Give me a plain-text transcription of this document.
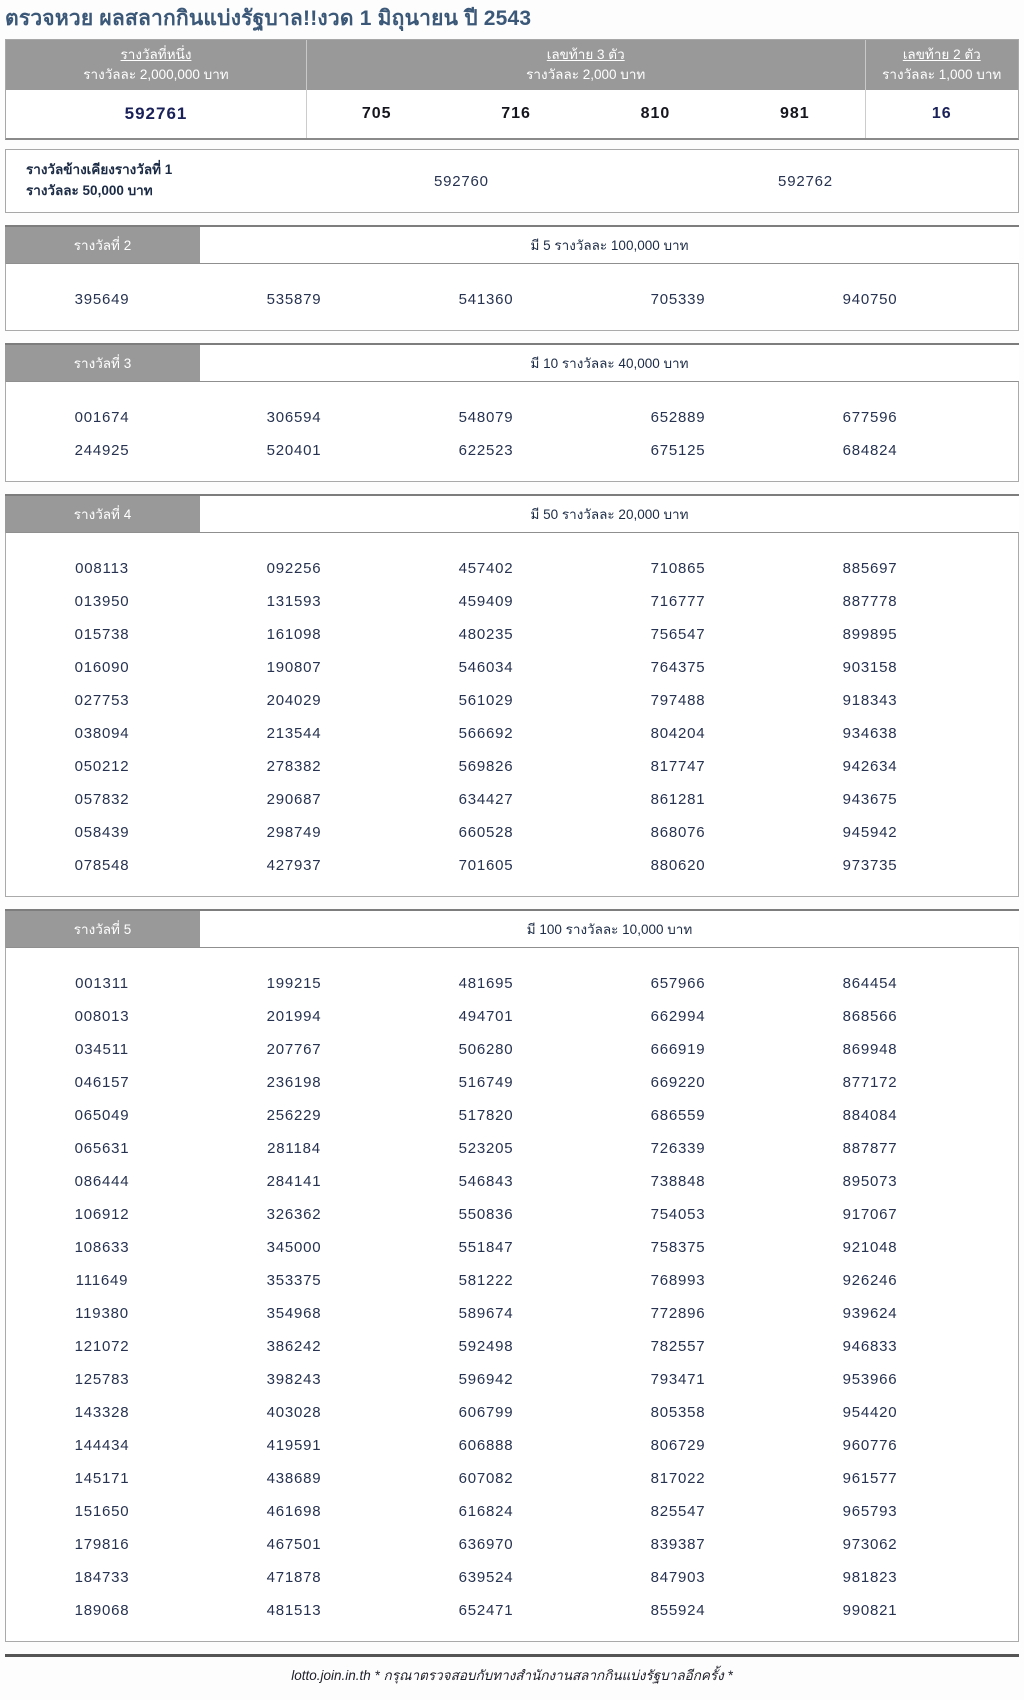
ตรวจหวย ผลสลากกินแบ่งรัฐบาล!!งวด 1 มิถุนายน ปี 2543
รางวัลที่หนึ่ง
รางวัลละ 2,000,000 บาท
เลขท้าย 3 ตัว
รางวัลละ 2,000 บาท
เลขท้าย 2 ตัว
รางวัลละ 1,000 บาท
592761	705	716	810	981	16
รางวัลข้างเคียงรางวัลที่ 1
รางวัลละ 50,000 บาท
592760	592762
รางวัลที่ 2	มี 5 รางวัลละ 100,000 บาท
395649	535879	541360	705339	940750
รางวัลที่ 3	มี 10 รางวัลละ 40,000 บาท
001674	306594	548079	652889	677596
244925	520401	622523	675125	684824
รางวัลที่ 4	มี 50 รางวัลละ 20,000 บาท
008113	092256	457402	710865	885697
013950	131593	459409	716777	887778
015738	161098	480235	756547	899895
016090	190807	546034	764375	903158
027753	204029	561029	797488	918343
038094	213544	566692	804204	934638
050212	278382	569826	817747	942634
057832	290687	634427	861281	943675
058439	298749	660528	868076	945942
078548	427937	701605	880620	973735
รางวัลที่ 5	มี 100 รางวัลละ 10,000 บาท
001311	199215	481695	657966	864454
008013	201994	494701	662994	868566
034511	207767	506280	666919	869948
046157	236198	516749	669220	877172
065049	256229	517820	686559	884084
065631	281184	523205	726339	887877
086444	284141	546843	738848	895073
106912	326362	550836	754053	917067
108633	345000	551847	758375	921048
111649	353375	581222	768993	926246
119380	354968	589674	772896	939624
121072	386242	592498	782557	946833
125783	398243	596942	793471	953966
143328	403028	606799	805358	954420
144434	419591	606888	806729	960776
145171	438689	607082	817022	961577
151650	461698	616824	825547	965793
179816	467501	636970	839387	973062
184733	471878	639524	847903	981823
189068	481513	652471	855924	990821
lotto.join.in.th * กรุณาตรวจสอบกับทางสำนักงานสลากกินแบ่งรัฐบาลอีกครั้ง *
